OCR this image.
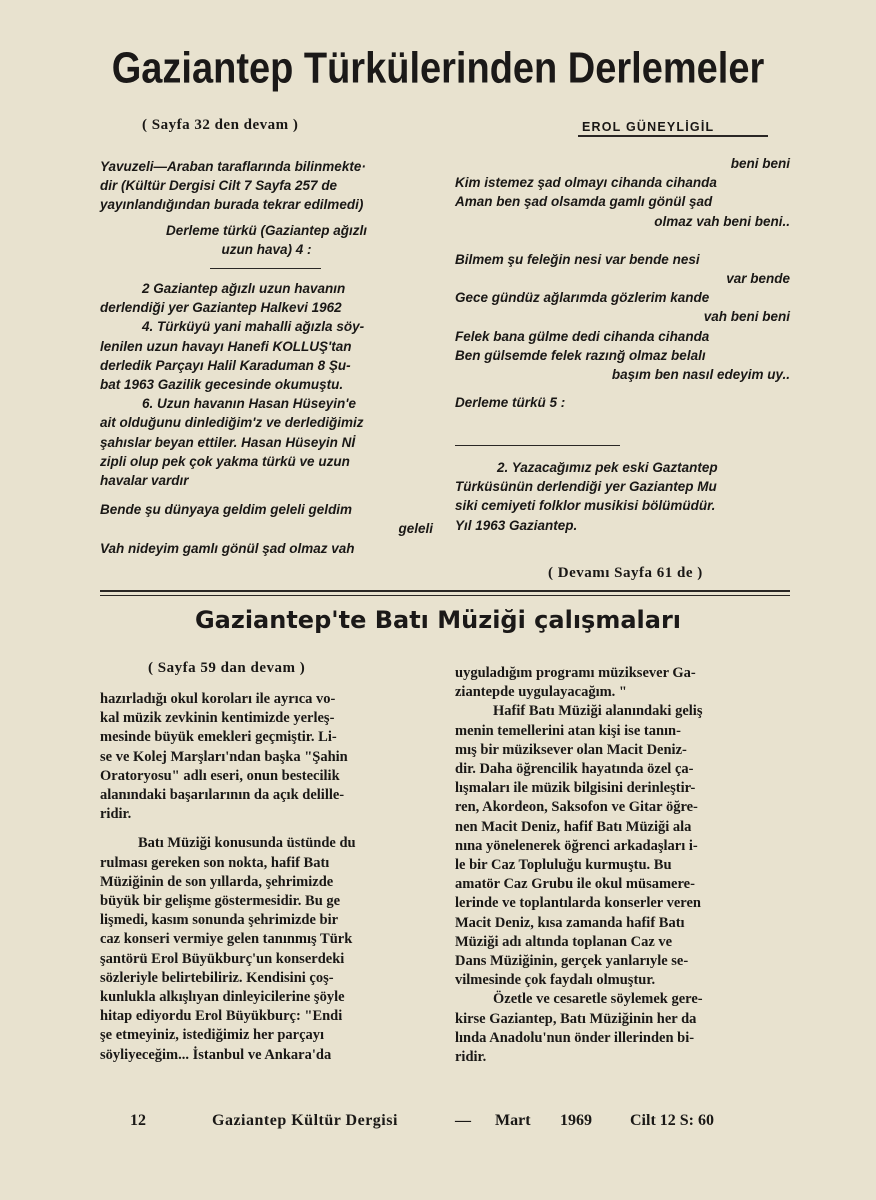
Gaziantep Türkülerinden Derlemeler
( Sayfa 32 den devam )	EROL GÜNEYLİGİL
Yavuzeli—Araban taraflarında bilinmekte·
dir (Kültür Dergisi Cilt 7 Sayfa 257 de
yayınlandığından burada tekrar edilmedi)
Derleme türkü (Gaziantep ağızlı
uzun hava) 4 :
2 Gaziantep ağızlı uzun havanın
derlendiği yer Gaziantep Halkevi 1962
4. Türküyü yani mahalli ağızla söy-
lenilen uzun havayı Hanefi KOLLUŞ'tan
derledik Parçayı Halil Karaduman 8 Şu-
bat 1963 Gazilik gecesinde okumuştu.
6. Uzun havanın Hasan Hüseyin'e
ait olduğunu dinlediğim'z ve derlediğimiz
şahıslar beyan ettiler. Hasan Hüseyin Nİ
zipli olup pek çok yakma türkü ve uzun
havalar vardır
Bende şu dünyaya geldim geleli geldim
geleli
Vah nideyim gamlı gönül şad olmaz vah
beni beni
Kim istemez şad olmayı cihanda cihanda
Aman ben şad olsamda gamlı gönül şad
olmaz vah beni beni..
Bilmem şu feleğin nesi var bende nesi
var bende
Gece gündüz ağlarımda gözlerim kande
vah beni beni
Felek bana gülme dedi cihanda cihanda
Ben gülsemde felek razınğ olmaz belalı
başım ben nasıl edeyim uy..
Derleme türkü 5 :
2. Yazacağımız pek eski Gaztantep
Türküsünün derlendiği yer Gaziantep Mu
siki cemiyeti folklor musikisi bölümüdür.
Yıl 1963 Gaziantep.
( Devamı Sayfa 61 de )
Gaziantep'te Batı Müziği çalışmaları
( Sayfa 59 dan devam )
hazırladığı okul koroları ile ayrıca vo-
kal müzik zevkinin kentimizde yerleş-
mesinde büyük emekleri geçmiştir. Li-
se ve Kolej Marşları'ndan başka "Şahin
Oratoryosu" adlı eseri, onun bestecilik
alanındaki başarılarının da açık delille-
ridir.
Batı Müziği konusunda üstünde du
rulması gereken son nokta, hafif Batı
Müziğinin de son yıllarda, şehrimizde
büyük bir gelişme göstermesidir. Bu ge
lişmedi, kasım sonunda şehrimizde bir
caz konseri vermiye gelen tanınmış Türk
şantörü Erol Büyükburç'un konserdeki
sözleriyle belirtebiliriz. Kendisini çoş-
kunlukla alkışlıyan dinleyicilerine şöyle
hitap ediyordu Erol Büyükburç: "Endi
şe etmeyiniz, istediğimiz her parçayı
söyliyeceğim... İstanbul ve Ankara'da
uyguladığım programı müziksever Ga-
ziantepde uygulayacağım. "
Hafif Batı Müziği alanındaki geliş
menin temellerini atan kişi ise tanın-
mış bir müziksever olan Macit Deniz-
dir. Daha öğrencilik hayatında özel ça-
lışmaları ile müzik bilgisini derinleştir-
ren, Akordeon, Saksofon ve Gitar öğre-
nen Macit Deniz, hafif Batı Müziği ala
nına yönelenerek öğrenci arkadaşları i-
le bir Caz Topluluğu kurmuştu. Bu
amatör Caz Grubu ile okul müsamere-
lerinde ve toplantılarda konserler veren
Macit Deniz, kısa zamanda hafif Batı
Müziği adı altında toplanan Caz ve
Dans Müziğinin, gerçek yanlarıyle se-
vilmesinde çok faydalı olmuştur.
Özetle ve cesaretle söylemek gere-
kirse Gaziantep, Batı Müziğinin her da
lında Anadolu'nun önder illerinden bi-
ridir.
12	Gaziantep Kültür Dergisi	— Mart 1969 Cilt 12 S: 60
